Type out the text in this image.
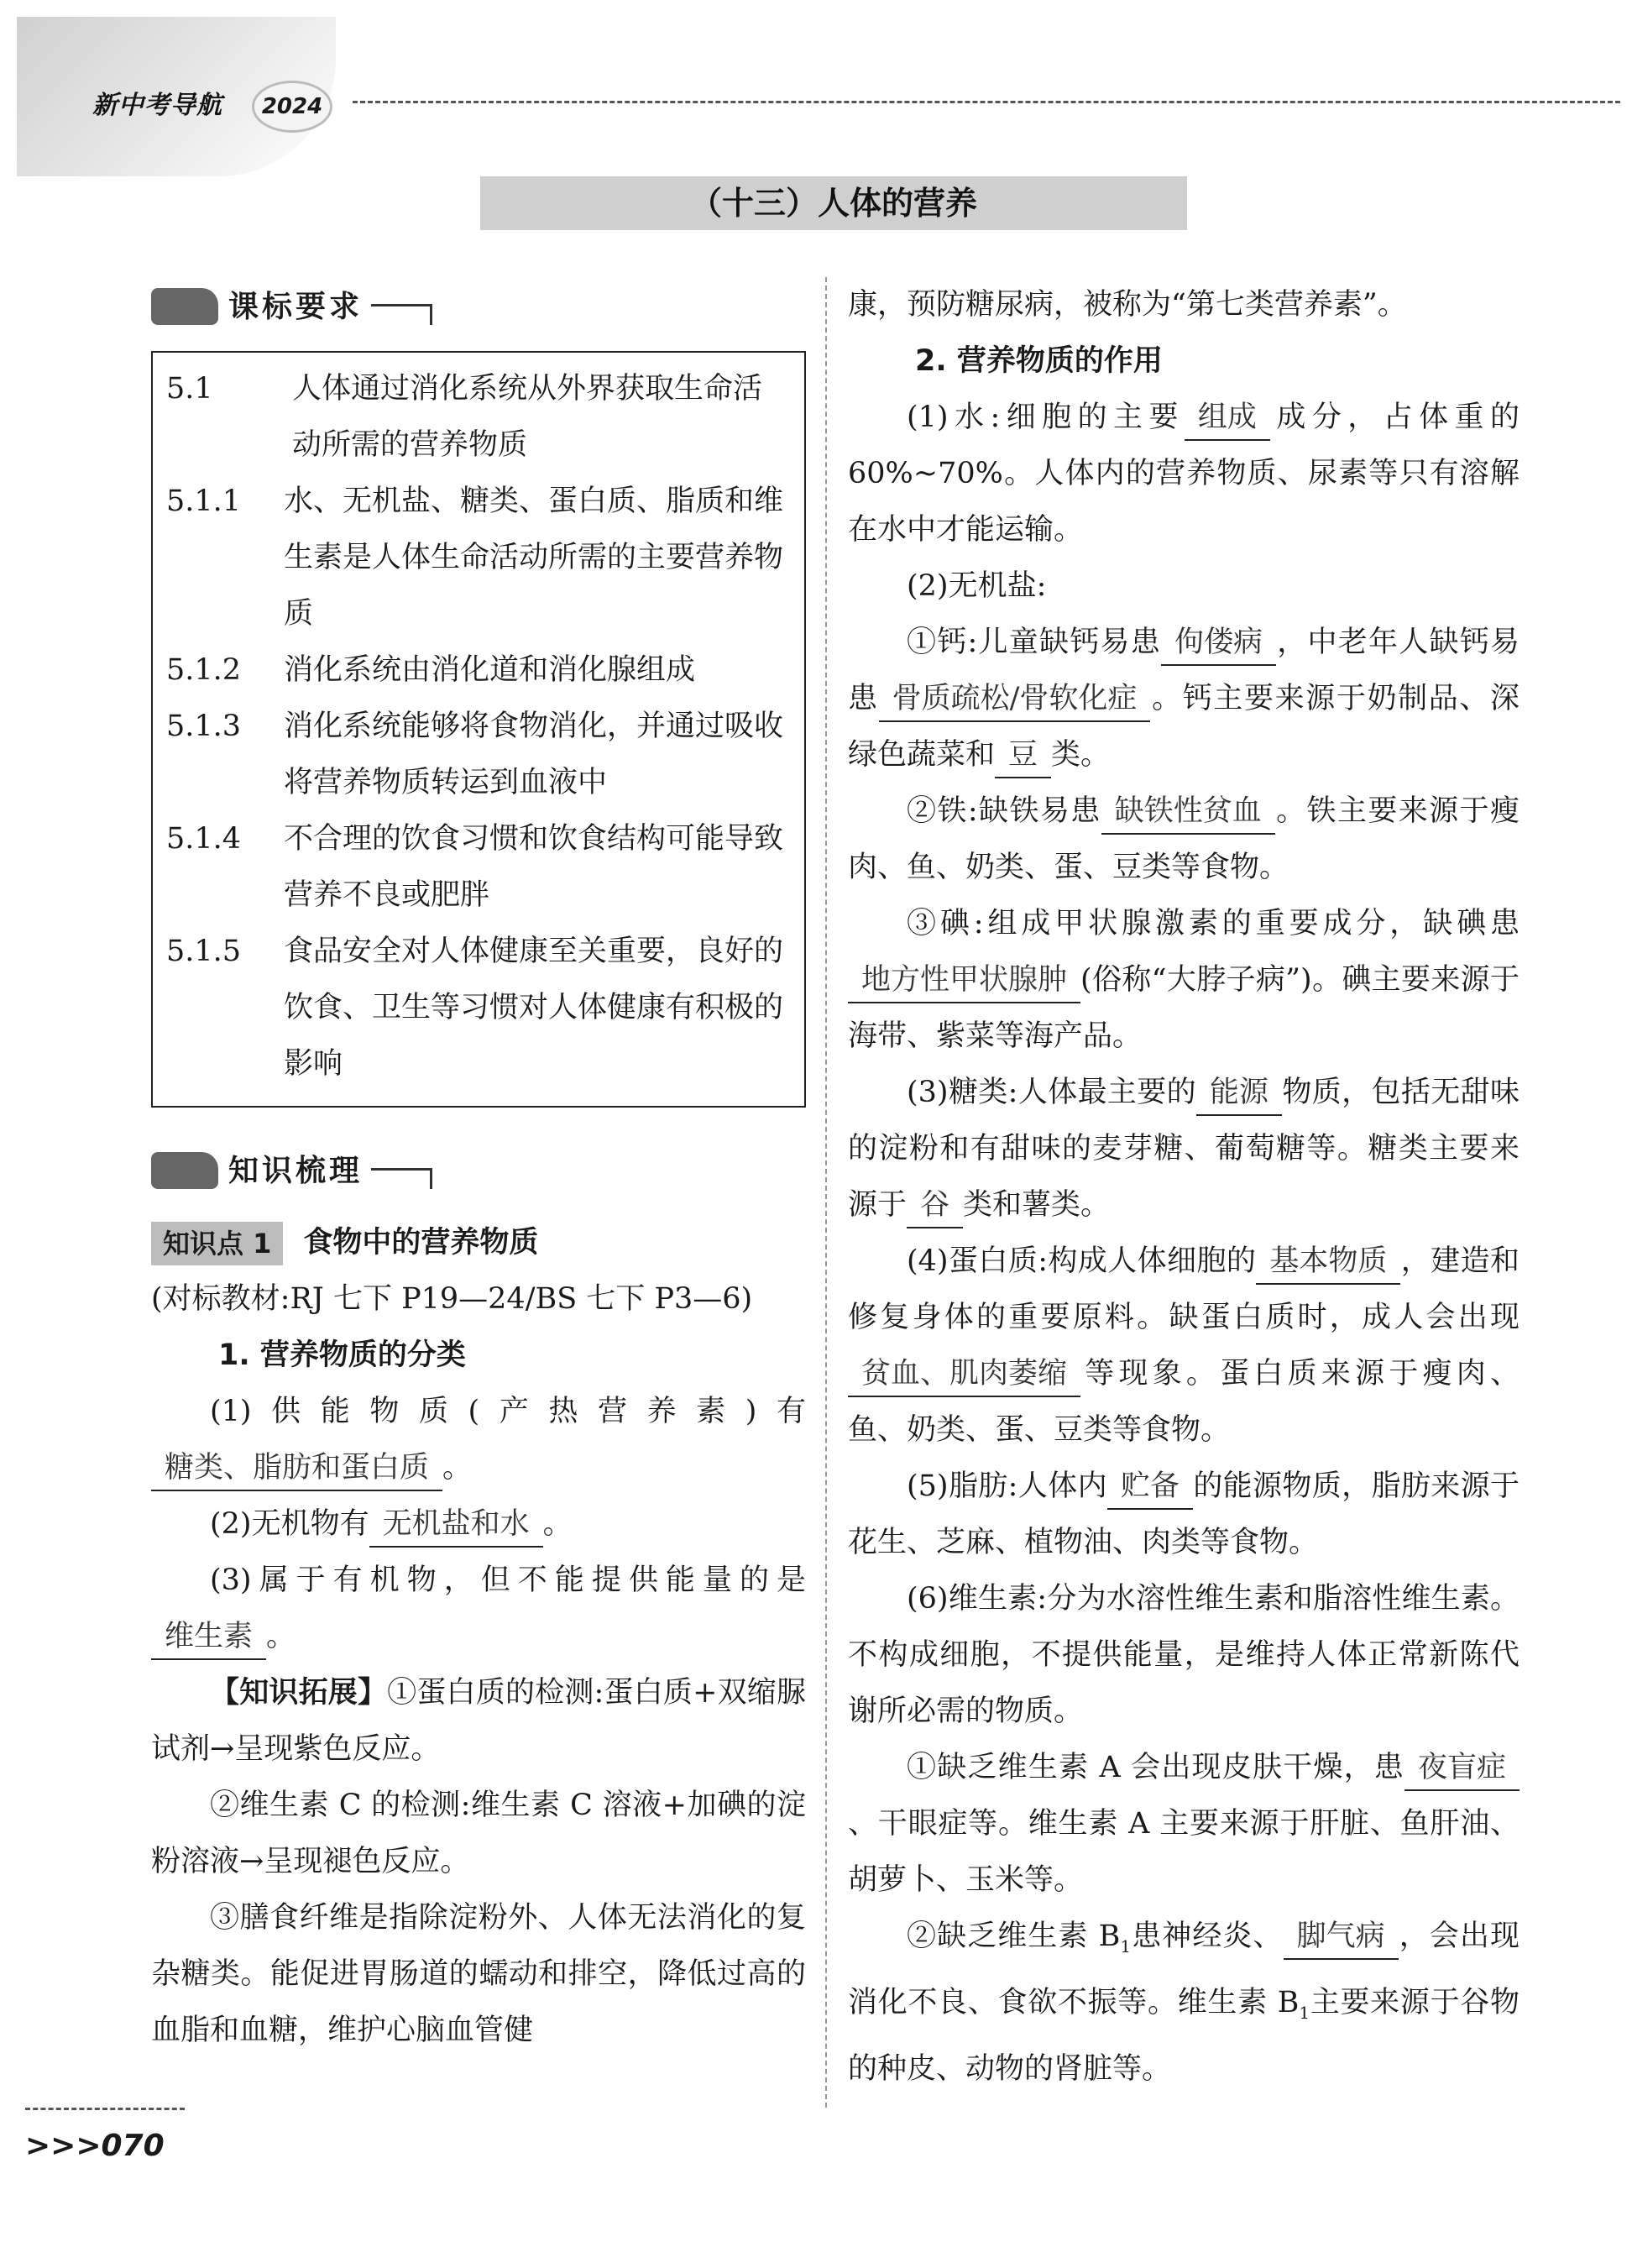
新中考导航	2024
（十三）人体的营养
课标要求
5.1	人体通过消化系统从外界获取生命活动所需的营养物质
5.1.1	水、无机盐、糖类、蛋白质、脂质和维生素是人体生命活动所需的主要营养物质
5.1.2	消化系统由消化道和消化腺组成
5.1.3	消化系统能够将食物消化，并通过吸收将营养物质转运到血液中
5.1.4	不合理的饮食习惯和饮食结构可能导致营养不良或肥胖
5.1.5	食品安全对人体健康至关重要，良好的饮食、卫生等习惯对人体健康有积极的影响
知识梳理
知识点 1	食物中的营养物质

(对标教材:RJ 七下 P19—24/BS 七下 P3—6)

1. 营养物质的分类

(1)供能物质(产热营养素)有糖类、脂肪和蛋白质 。

(2)无机物有 无机盐和水 。

(3)属于有机物，但不能提供能量的是维生素 。

【知识拓展】①蛋白质的检测:蛋白质+双缩脲试剂→呈现紫色反应。

②维生素 C 的检测:维生素 C 溶液+加碘的淀粉溶液→呈现褪色反应。

③膳食纤维是指除淀粉外、人体无法消化的复杂糖类。能促进胃肠道的蠕动和排空，降低过高的血脂和血糖，维护心脑血管健

康，预防糖尿病，被称为“第七类营养素”。

2. 营养物质的作用

(1)水:细胞的主要 组成 成分，占体重的 60%~70%。人体内的营养物质、尿素等只有溶解在水中才能运输。

(2)无机盐:

①钙:儿童缺钙易患 佝偻病 ，中老年人缺钙易患 骨质疏松/骨软化症 。钙主要来源于奶制品、深绿色蔬菜和 豆 类。

②铁:缺铁易患 缺铁性贫血 。铁主要来源于瘦肉、鱼、奶类、蛋、豆类等食物。

③碘:组成甲状腺激素的重要成分，缺碘患地方性甲状腺肿 (俗称“大脖子病”)。碘主要来源于海带、紫菜等海产品。

(3)糖类:人体最主要的 能源 物质，包括无甜味的淀粉和有甜味的麦芽糖、葡萄糖等。糖类主要来源于 谷 类和薯类。

(4)蛋白质:构成人体细胞的 基本物质 ，建造和修复身体的重要原料。缺蛋白质时，成人会出现贫血、肌肉萎缩 等现象。蛋白质来源于瘦肉、鱼、奶类、蛋、豆类等食物。

(5)脂肪:人体内 贮备 的能源物质，脂肪来源于花生、芝麻、植物油、肉类等食物。

(6)维生素:分为水溶性维生素和脂溶性维生素。不构成细胞，不提供能量，是维持人体正常新陈代谢所必需的物质。

①缺乏维生素 A 会出现皮肤干燥，患 夜盲症、干眼症等。维生素 A 主要来源于肝脏、鱼肝油、胡萝卜、玉米等。

②缺乏维生素 $B_1$患神经炎、 脚气病 ，会出现消化不良、食欲不振等。维生素 $B_1$主要来源于谷物的种皮、动物的肾脏等。

>>>070
